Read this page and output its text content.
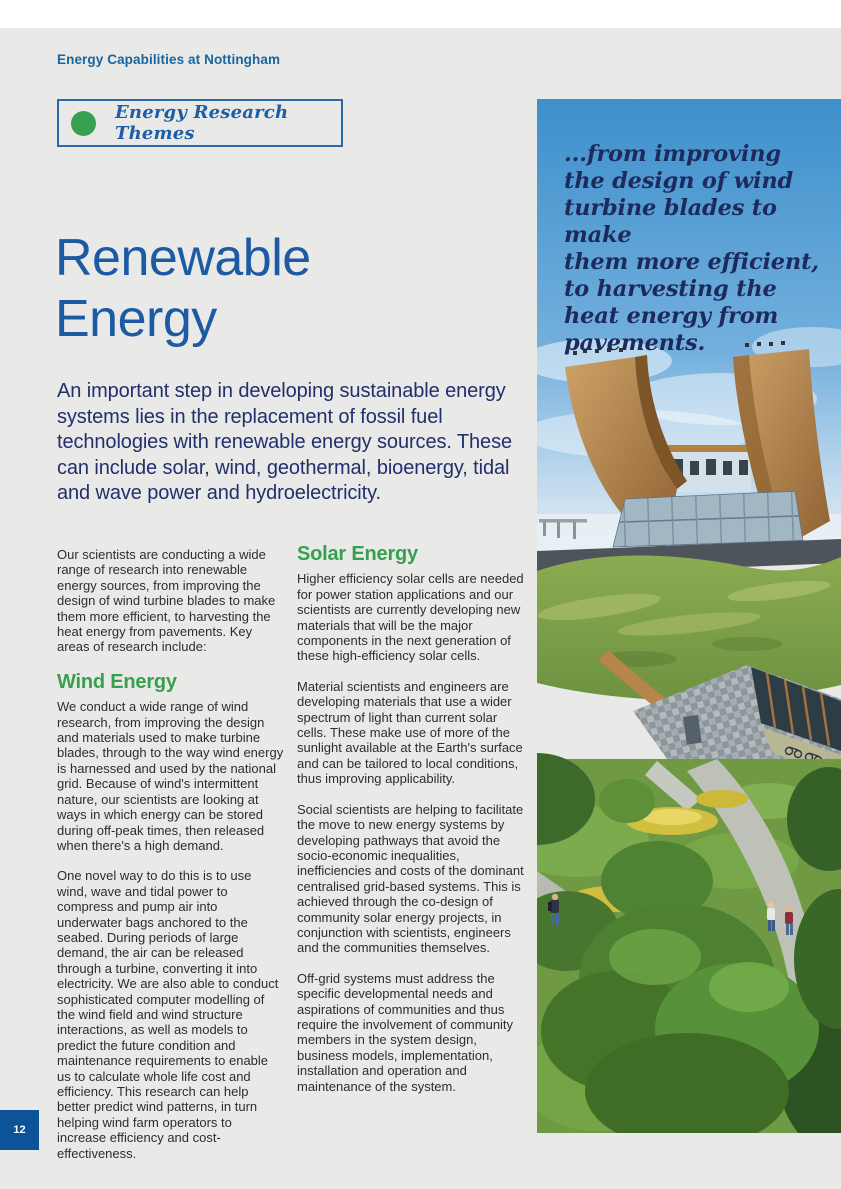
Energy Capabilities at Nottingham
Energy Research Themes
Renewable
Energy

An important step in developing sustainable energy systems lies in the replacement of fossil fuel technologies with renewable energy sources. These can include solar, wind, geothermal, bioenergy, tidal and wave power and hydroelectricity.

Our scientists are conducting a wide range of research into renewable energy sources, from improving the design of wind turbine blades to make them more efficient, to harvesting the heat energy from pavements. Key areas of research include:

Wind Energy

We conduct a wide range of wind research, from improving the design and materials used to make turbine blades, through to the way wind energy is harnessed and used by the national grid. Because of wind's intermittent nature, our scientists are looking at ways in which energy can be stored during off-peak times, then released when there's a high demand.

One novel way to do this is to use wind, wave and tidal power to compress and pump air into underwater bags anchored to the seabed. During periods of large demand, the air can be released through a turbine, converting it into electricity. We are also able to conduct sophisticated computer modelling of the wind field and wind structure interactions, as well as models to predict the future condition and maintenance requirements to enable us to calculate whole life cost and efficiency. This research can help better predict wind patterns, in turn helping wind farm operators to increase efficiency and cost-effectiveness.

Solar Energy

Higher efficiency solar cells are needed for power station applications and our scientists are currently developing new materials that will be the major components in the next generation of these high-efficiency solar cells.

Material scientists and engineers are developing materials that use a wider spectrum of light than current solar cells. These make use of more of the sunlight available at the Earth's surface and can be tailored to local conditions, thus improving applicability.

Social scientists are helping to facilitate the move to new energy systems by developing pathways that avoid the socio-economic inequalities, inefficiencies and costs of the dominant centralised grid-based systems. This is achieved through the co-design of community solar energy projects, in conjunction with scientists, engineers and the communities themselves.

Off-grid systems must address the specific developmental needs and aspirations of communities and thus require the involvement of community members in the system design, business models, implementation, installation and operation and maintenance of the system.

...from improving
the design of wind
turbine blades to make
them more efficient,
to harvesting the
heat energy from
pavements.
12
